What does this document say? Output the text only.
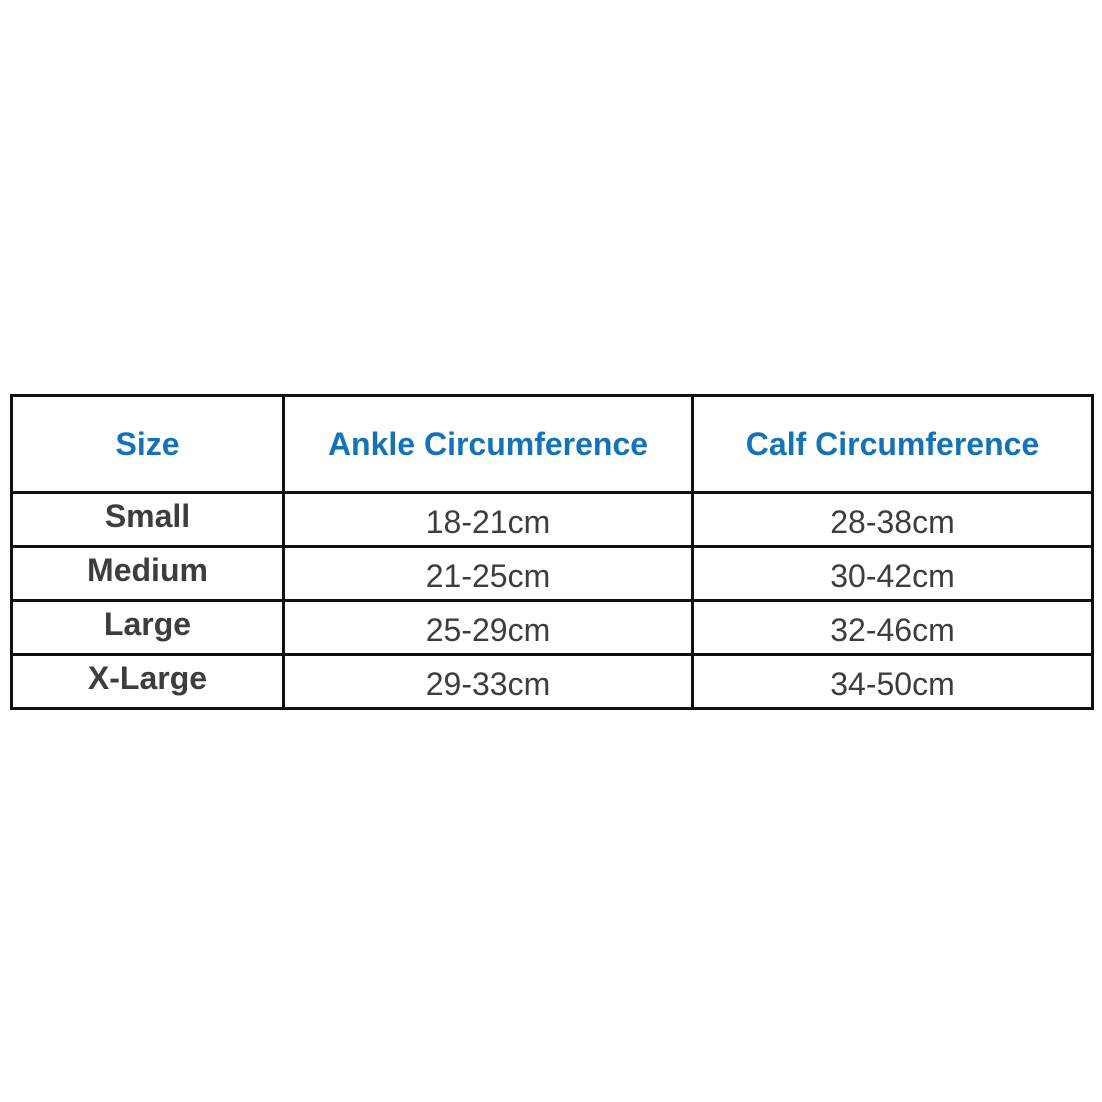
Size	Ankle Circumference	Calf Circumference
Small	18-21cm	28-38cm
Medium	21-25cm	30-42cm
Large	25-29cm	32-46cm
X-Large	29-33cm	34-50cm
